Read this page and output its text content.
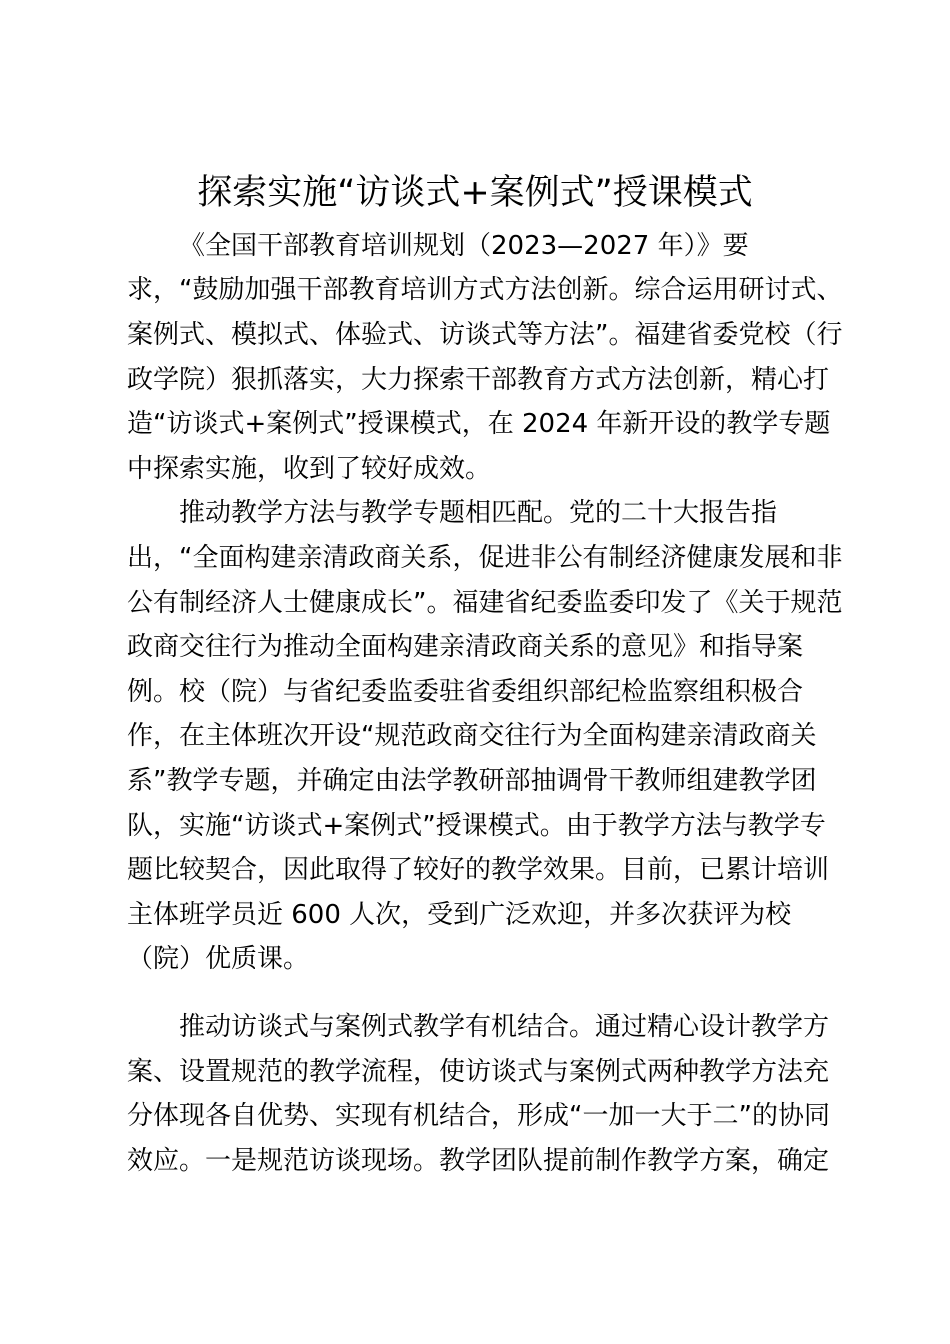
探索实施“访谈式+案例式”授课模式
《全国干部教育培训规划（2023—2027 年）》要
求，“鼓励加强干部教育培训方式方法创新。综合运用研讨式、
案例式、模拟式、体验式、访谈式等方法”。福建省委党校（行
政学院）狠抓落实，大力探索干部教育方式方法创新，精心打
造“访谈式+案例式”授课模式，在 2024 年新开设的教学专题
中探索实施，收到了较好成效。
推动教学方法与教学专题相匹配。党的二十大报告指
出，“全面构建亲清政商关系，促进非公有制经济健康发展和非
公有制经济人士健康成长”。福建省纪委监委印发了《关于规范
政商交往行为推动全面构建亲清政商关系的意见》和指导案
例。校（院）与省纪委监委驻省委组织部纪检监察组积极合
作，在主体班次开设“规范政商交往行为全面构建亲清政商关
系”教学专题，并确定由法学教研部抽调骨干教师组建教学团
队，实施“访谈式+案例式”授课模式。由于教学方法与教学专
题比较契合，因此取得了较好的教学效果。目前，已累计培训
主体班学员近 600 人次，受到广泛欢迎，并多次获评为校
（院）优质课。
推动访谈式与案例式教学有机结合。通过精心设计教学方
案、设置规范的教学流程，使访谈式与案例式两种教学方法充
分体现各自优势、实现有机结合，形成“一加一大于二”的协同
效应。一是规范访谈现场。教学团队提前制作教学方案，确定
